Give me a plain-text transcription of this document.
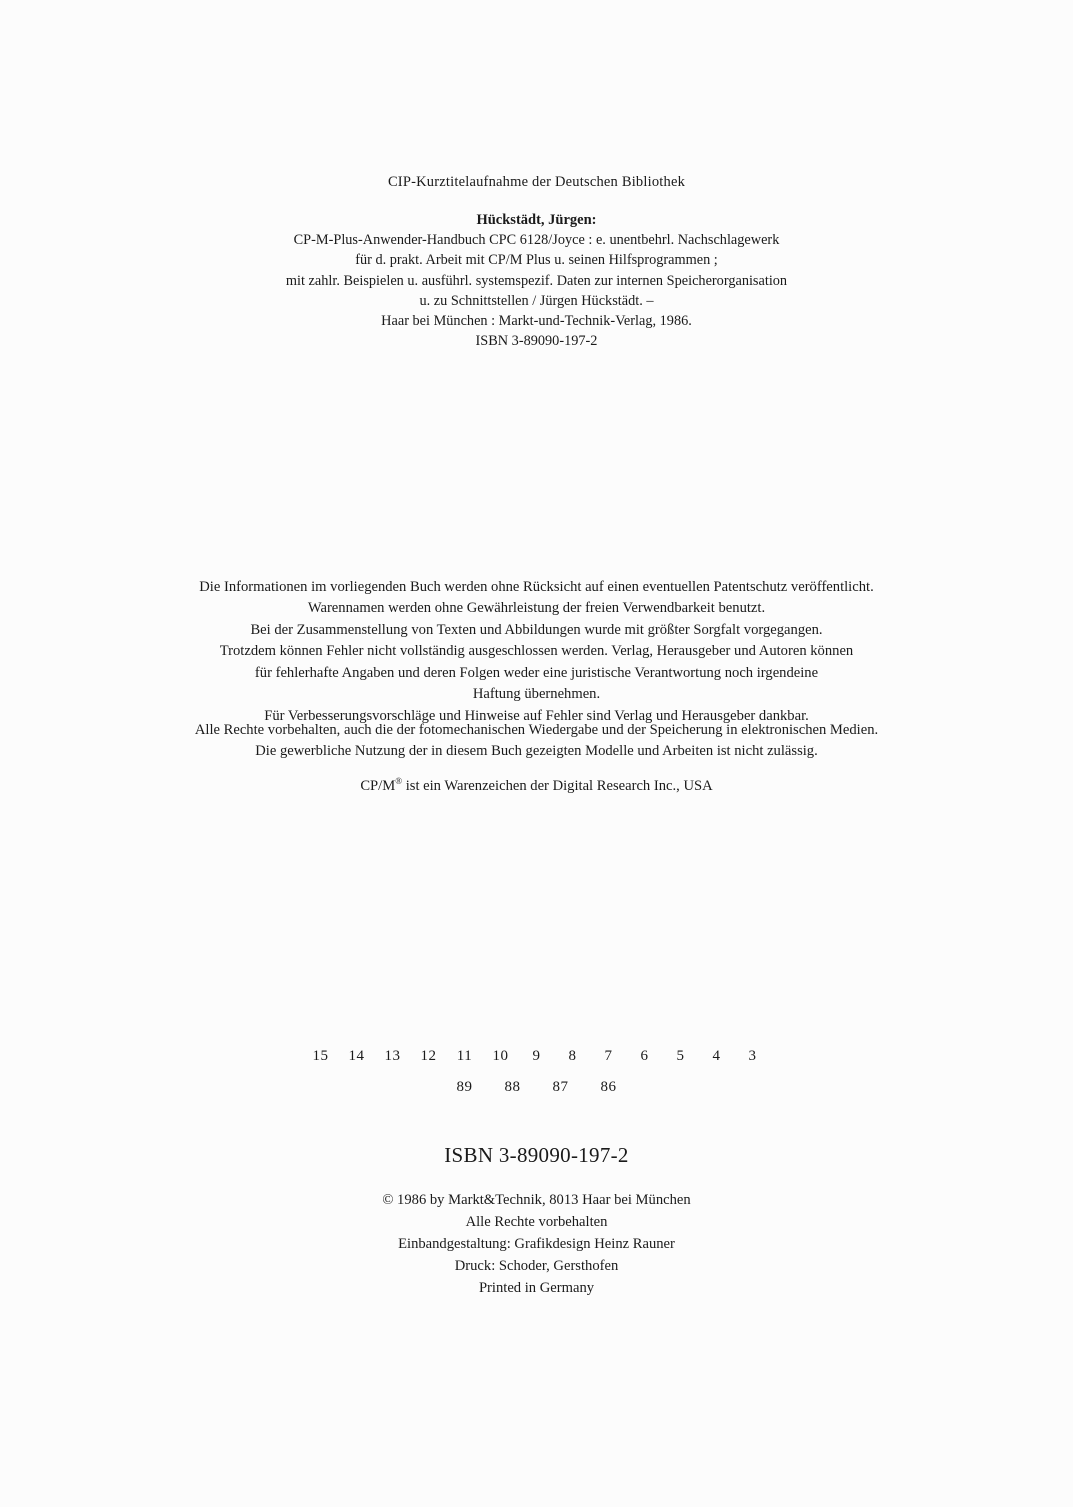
CIP-Kurztitelaufnahme der Deutschen Bibliothek
Hückstädt, Jürgen:
CP-M-Plus-Anwender-Handbuch CPC 6128/Joyce : e. unentbehrl. Nachschlagewerk
für d. prakt. Arbeit mit CP/M Plus u. seinen Hilfsprogrammen ;
mit zahlr. Beispielen u. ausführl. systemspezif. Daten zur internen Speicherorganisation
u. zu Schnittstellen / Jürgen Hückstädt. –
Haar bei München : Markt-und-Technik-Verlag, 1986.
ISBN 3-89090-197-2
Die Informationen im vorliegenden Buch werden ohne Rücksicht auf einen eventuellen Patentschutz veröffentlicht.
Warennamen werden ohne Gewährleistung der freien Verwendbarkeit benutzt.
Bei der Zusammenstellung von Texten und Abbildungen wurde mit größter Sorgfalt vorgegangen.
Trotzdem können Fehler nicht vollständig ausgeschlossen werden. Verlag, Herausgeber und Autoren können
für fehlerhafte Angaben und deren Folgen weder eine juristische Verantwortung noch irgendeine
Haftung übernehmen.
Für Verbesserungsvorschläge und Hinweise auf Fehler sind Verlag und Herausgeber dankbar.
Alle Rechte vorbehalten, auch die der fotomechanischen Wiedergabe und der Speicherung in elektronischen Medien.
Die gewerbliche Nutzung der in diesem Buch gezeigten Modelle und Arbeiten ist nicht zulässig.
CP/M® ist ein Warenzeichen der Digital Research Inc., USA
15 14 13 12 11 10 9 8 7 6 5 4 3
89 88 87 86
ISBN 3-89090-197-2
© 1986 by Markt&Technik, 8013 Haar bei München
Alle Rechte vorbehalten
Einbandgestaltung: Grafikdesign Heinz Rauner
Druck: Schoder, Gersthofen
Printed in Germany
